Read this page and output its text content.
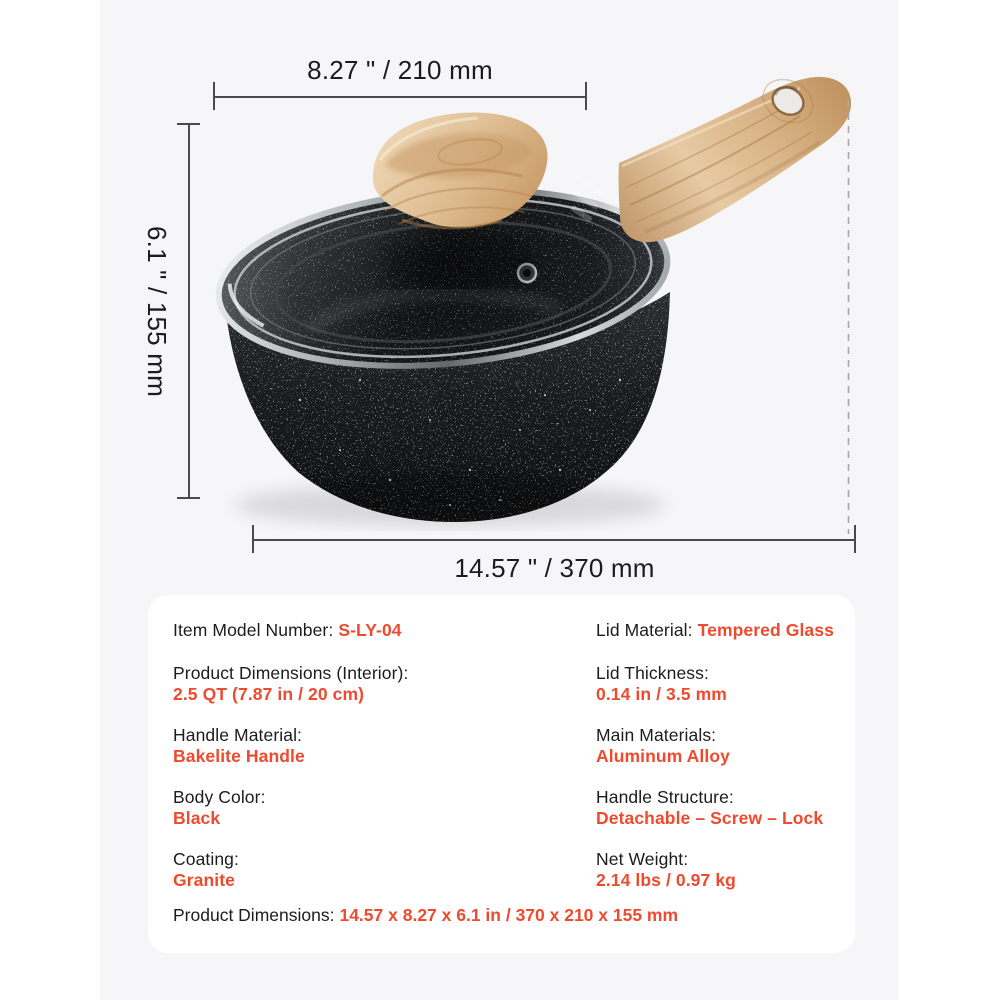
8.27 " / 210 mm
6.1 " / 155 mm
14.57 " / 370 mm
Item Model Number: S-LY-04
Product Dimensions (Interior):
2.5 QT (7.87 in / 20 cm)
Handle Material:
Bakelite Handle
Body Color:
Black
Coating:
Granite
Lid Material: Tempered Glass
Lid Thickness:
0.14 in / 3.5 mm
Main Materials:
Aluminum Alloy
Handle Structure:
Detachable – Screw – Lock
Net Weight:
2.14 lbs / 0.97 kg
Product Dimensions: 14.57 x 8.27 x 6.1 in / 370 x 210 x 155 mm
